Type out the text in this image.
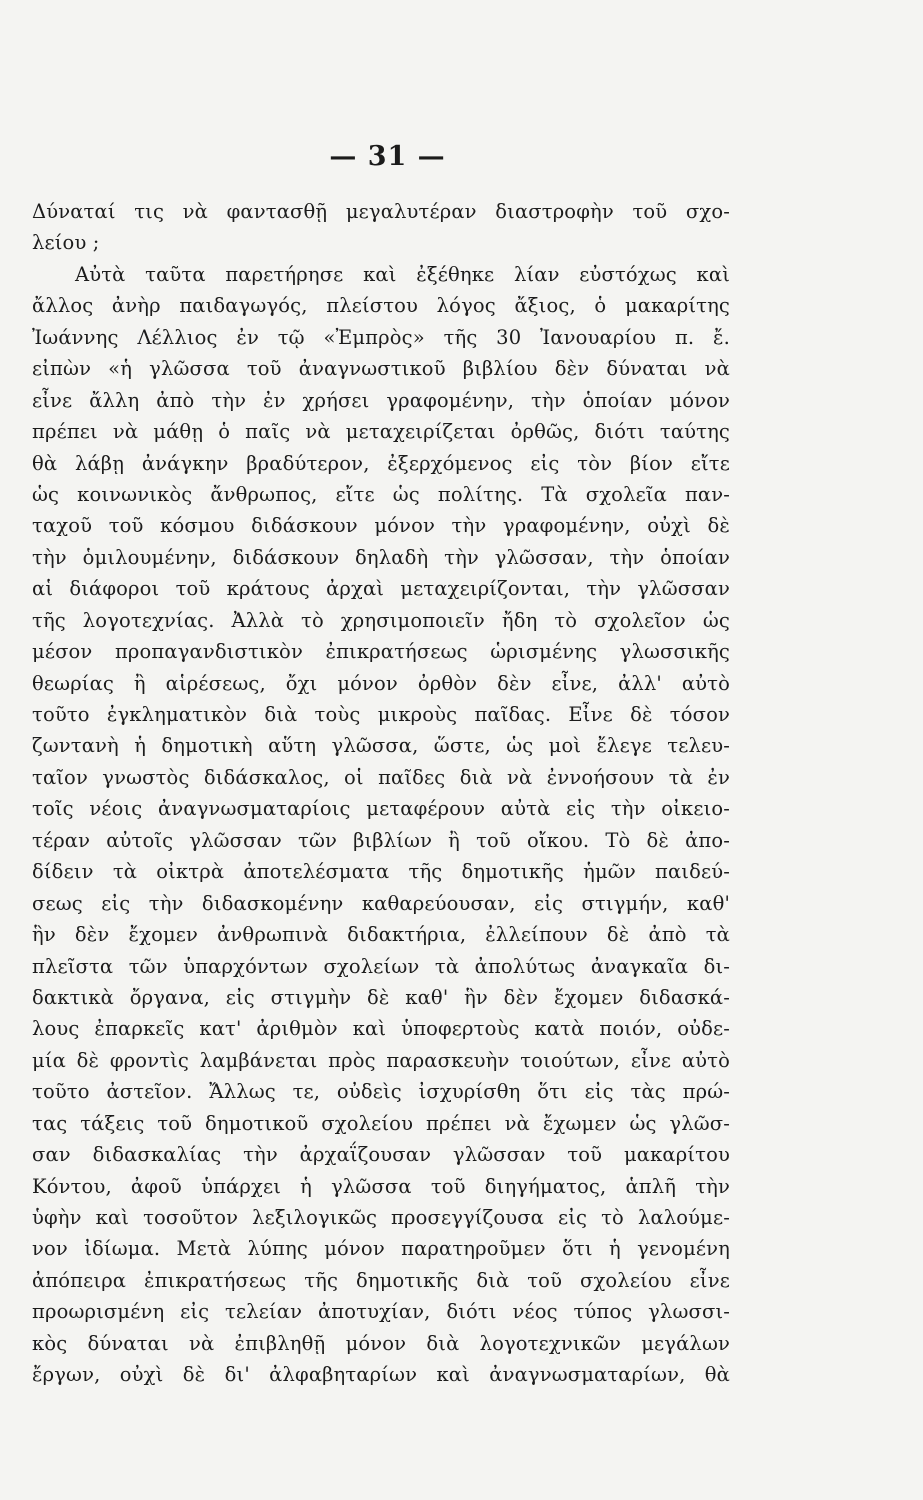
— 31 —
Δύναταί τις νὰ φαντασθῇ μεγαλυτέραν διαστροφὴν τοῦ σχο-
λείου ;
Αὐτὰ ταῦτα παρετήρησε καὶ ἐξέθηκε λίαν εὐστόχως καὶ
ἄλλος ἀνὴρ παιδαγωγός, πλείστου λόγος ἄξιος, ὁ μακαρίτης
Ἰωάννης Λέλλιος ἐν τῷ «Ἐμπρὸς» τῆς 30 Ἰανουαρίου π. ἔ.
εἰπὼν «ἡ γλῶσσα τοῦ ἀναγνωστικοῦ βιβλίου δὲν δύναται νὰ
εἶνε ἄλλη ἀπὸ τὴν ἐν χρήσει γραφομένην, τὴν ὁποίαν μόνον
πρέπει νὰ μάθῃ ὁ παῖς νὰ μεταχειρίζεται ὀρθῶς, διότι ταύτης
θὰ λάβῃ ἀνάγκην βραδύτερον, ἐξερχόμενος εἰς τὸν βίον εἴτε
ὡς κοινωνικὸς ἄνθρωπος, εἴτε ὡς πολίτης. Τὰ σχολεῖα παν-
ταχοῦ τοῦ κόσμου διδάσκουν μόνον τὴν γραφομένην, οὐχὶ δὲ
τὴν ὁμιλουμένην, διδάσκουν δηλαδὴ τὴν γλῶσσαν, τὴν ὁποίαν
αἱ διάφοροι τοῦ κράτους ἀρχαὶ μεταχειρίζονται, τὴν γλῶσσαν
τῆς λογοτεχνίας. Ἀλλὰ τὸ χρησιμοποιεῖν ἤδη τὸ σχολεῖον ὡς
μέσον προπαγανδιστικὸν ἐπικρατήσεως ὡρισμένης γλωσσικῆς
θεωρίας ἢ αἱρέσεως, ὄχι μόνον ὀρθὸν δὲν εἶνε, ἀλλ' αὐτὸ
τοῦτο ἐγκληματικὸν διὰ τοὺς μικροὺς παῖδας. Εἶνε δὲ τόσον
ζωντανὴ ἡ δημοτικὴ αὕτη γλῶσσα, ὥστε, ὡς μοὶ ἔλεγε τελευ-
ταῖον γνωστὸς διδάσκαλος, οἱ παῖδες διὰ νὰ ἐννοήσουν τὰ ἐν
τοῖς νέοις ἀναγνωσματαρίοις μεταφέρουν αὐτὰ εἰς τὴν οἰκειο-
τέραν αὐτοῖς γλῶσσαν τῶν βιβλίων ἢ τοῦ οἴκου. Τὸ δὲ ἀπο-
δίδειν τὰ οἰκτρὰ ἀποτελέσματα τῆς δημοτικῆς ἡμῶν παιδεύ-
σεως εἰς τὴν διδασκομένην καθαρεύουσαν, εἰς στιγμήν, καθ'
ἣν δὲν ἔχομεν ἀνθρωπινὰ διδακτήρια, ἐλλείπουν δὲ ἀπὸ τὰ
πλεῖστα τῶν ὑπαρχόντων σχολείων τὰ ἀπολύτως ἀναγκαῖα δι-
δακτικὰ ὄργανα, εἰς στιγμὴν δὲ καθ' ἣν δὲν ἔχομεν διδασκά-
λους ἐπαρκεῖς κατ' ἀριθμὸν καὶ ὑποφερτοὺς κατὰ ποιόν, οὐδε-
μία δὲ φροντὶς λαμβάνεται πρὸς παρασκευὴν τοιούτων, εἶνε αὐτὸ
τοῦτο ἀστεῖον. Ἄλλως τε, οὐδεὶς ἰσχυρίσθη ὅτι εἰς τὰς πρώ-
τας τάξεις τοῦ δημοτικοῦ σχολείου πρέπει νὰ ἔχωμεν ὡς γλῶσ-
σαν διδασκαλίας τὴν ἀρχαΐζουσαν γλῶσσαν τοῦ μακαρίτου
Κόντου, ἀφοῦ ὑπάρχει ἡ γλῶσσα τοῦ διηγήματος, ἁπλῆ τὴν
ὑφὴν καὶ τοσοῦτον λεξιλογικῶς προσεγγίζουσα εἰς τὸ λαλούμε-
νον ἰδίωμα. Μετὰ λύπης μόνον παρατηροῦμεν ὅτι ἡ γενομένη
ἀπόπειρα ἐπικρατήσεως τῆς δημοτικῆς διὰ τοῦ σχολείου εἶνε
προωρισμένη εἰς τελείαν ἀποτυχίαν, διότι νέος τύπος γλωσσι-
κὸς δύναται νὰ ἐπιβληθῇ μόνον διὰ λογοτεχνικῶν μεγάλων
ἔργων, οὐχὶ δὲ δι' ἀλφαβηταρίων καὶ ἀναγνωσματαρίων, θὰ
